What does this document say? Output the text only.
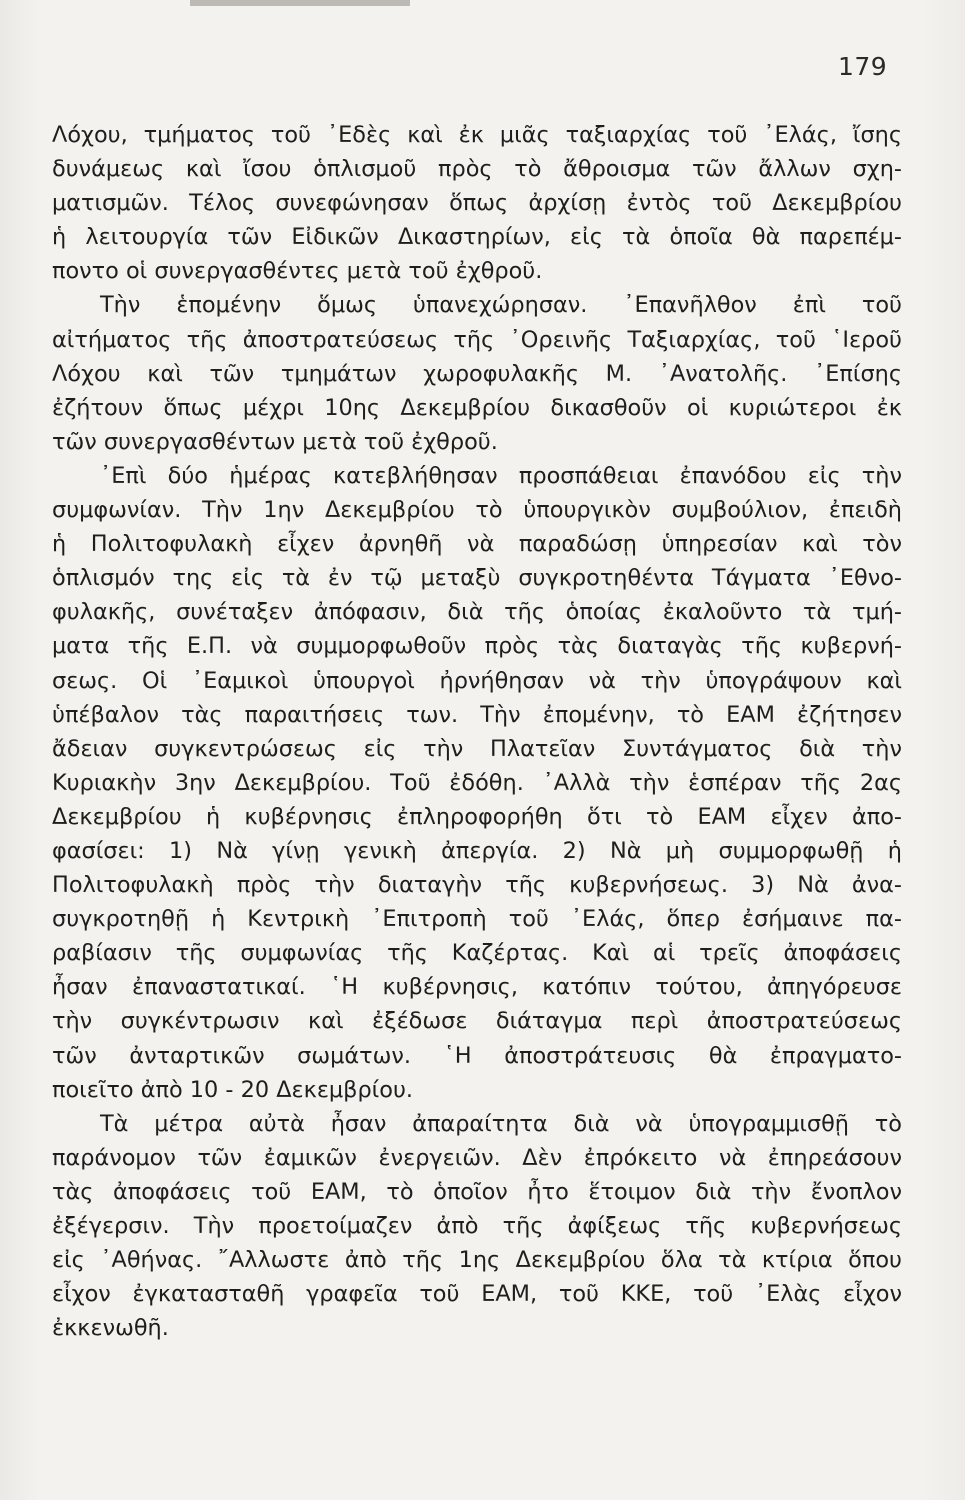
179
Λόχου, τμήματος τοῦ ᾿Εδὲς καὶ ἐκ μιᾶς ταξιαρχίας τοῦ ᾿Ελάς, ἴσης
δυνάμεως καὶ ἴσου ὁπλισμοῦ πρὸς τὸ ἄθροισμα τῶν ἄλλων σχη-
ματισμῶν. Τέλος συνεφώνησαν ὅπως ἀρχίσῃ ἐντὸς τοῦ Δεκεμβρίου
ἡ λειτουργία τῶν Εἰδικῶν Δικαστηρίων, εἰς τὰ ὁποῖα θὰ παρεπέμ-
ποντο οἱ συνεργασθέντες μετὰ τοῦ ἐχθροῦ.
Τὴν ἑπομένην ὅμως ὑπανεχώρησαν. ᾿Επανῆλθον ἐπὶ τοῦ
αἰτήματος τῆς ἀποστρατεύσεως τῆς ᾿Ορεινῆς Ταξιαρχίας, τοῦ ῾Ιεροῦ
Λόχου καὶ τῶν τμημάτων χωροφυλακῆς Μ. ᾿Ανατολῆς. ᾿Επίσης
ἐζήτουν ὅπως μέχρι 10ης Δεκεμβρίου δικασθοῦν οἱ κυριώτεροι ἐκ
τῶν συνεργασθέντων μετὰ τοῦ ἐχθροῦ.
᾿Επὶ δύο ἡμέρας κατεβλήθησαν προσπάθειαι ἐπανόδου εἰς τὴν
συμφωνίαν. Τὴν 1ην Δεκεμβρίου τὸ ὑπουργικὸν συμβούλιον, ἐπειδὴ
ἡ Πολιτοφυλακὴ εἶχεν ἀρνηθῆ νὰ παραδώσῃ ὑπηρεσίαν καὶ τὸν
ὁπλισμόν της εἰς τὰ ἐν τῷ μεταξὺ συγκροτηθέντα Τάγματα ᾿Εθνο-
φυλακῆς, συνέταξεν ἀπόφασιν, διὰ τῆς ὁποίας ἐκαλοῦντο τὰ τμή-
ματα τῆς Ε.Π. νὰ συμμορφωθοῦν πρὸς τὰς διαταγὰς τῆς κυβερνή-
σεως. Οἱ ᾿Εαμικοὶ ὑπουργοὶ ἠρνήθησαν νὰ τὴν ὑπογράψουν καὶ
ὑπέβαλον τὰς παραιτήσεις των. Τὴν ἐπομένην, τὸ ΕΑΜ ἐζήτησεν
ἄδειαν συγκεντρώσεως εἰς τὴν Πλατεῖαν Συντάγματος διὰ τὴν
Κυριακὴν 3ην Δεκεμβρίου. Τοῦ ἐδόθη. ᾿Αλλὰ τὴν ἑσπέραν τῆς 2ας
Δεκεμβρίου ἡ κυβέρνησις ἐπληροφορήθη ὅτι τὸ ΕΑΜ εἶχεν ἀπο-
φασίσει: 1) Νὰ γίνῃ γενικὴ ἀπεργία. 2) Νὰ μὴ συμμορφωθῇ ἡ
Πολιτοφυλακὴ πρὸς τὴν διαταγὴν τῆς κυβερνήσεως. 3) Νὰ ἀνα-
συγκροτηθῇ ἡ Κεντρικὴ ᾿Επιτροπὴ τοῦ ᾿Ελάς, ὅπερ ἐσήμαινε πα-
ραβίασιν τῆς συμφωνίας τῆς Καζέρτας. Καὶ αἱ τρεῖς ἀποφάσεις
ἦσαν ἐπαναστατικαί. ῾Η κυβέρνησις, κατόπιν τούτου, ἀπηγόρευσε
τὴν συγκέντρωσιν καὶ ἐξέδωσε διάταγμα περὶ ἀποστρατεύσεως
τῶν ἀνταρτικῶν σωμάτων. ῾Η ἀποστράτευσις θὰ ἐπραγματο-
ποιεῖτο ἀπὸ 10 - 20 Δεκεμβρίου.
Τὰ μέτρα αὐτὰ ἦσαν ἀπαραίτητα διὰ νὰ ὑπογραμμισθῇ τὸ
παράνομον τῶν ἐαμικῶν ἐνεργειῶν. Δὲν ἐπρόκειτο νὰ ἐπηρεάσουν
τὰς ἀποφάσεις τοῦ ΕΑΜ, τὸ ὁποῖον ἦτο ἕτοιμον διὰ τὴν ἔνοπλον
ἐξέγερσιν. Τὴν προετοίμαζεν ἀπὸ τῆς ἀφίξεως τῆς κυβερνήσεως
εἰς ᾿Αθήνας. ῎Αλλωστε ἀπὸ τῆς 1ης Δεκεμβρίου ὅλα τὰ κτίρια ὅπου
εἶχον ἐγκατασταθῆ γραφεῖα τοῦ ΕΑΜ, τοῦ ΚΚΕ, τοῦ ᾿Ελὰς εἶχον
ἐκκενωθῆ.
